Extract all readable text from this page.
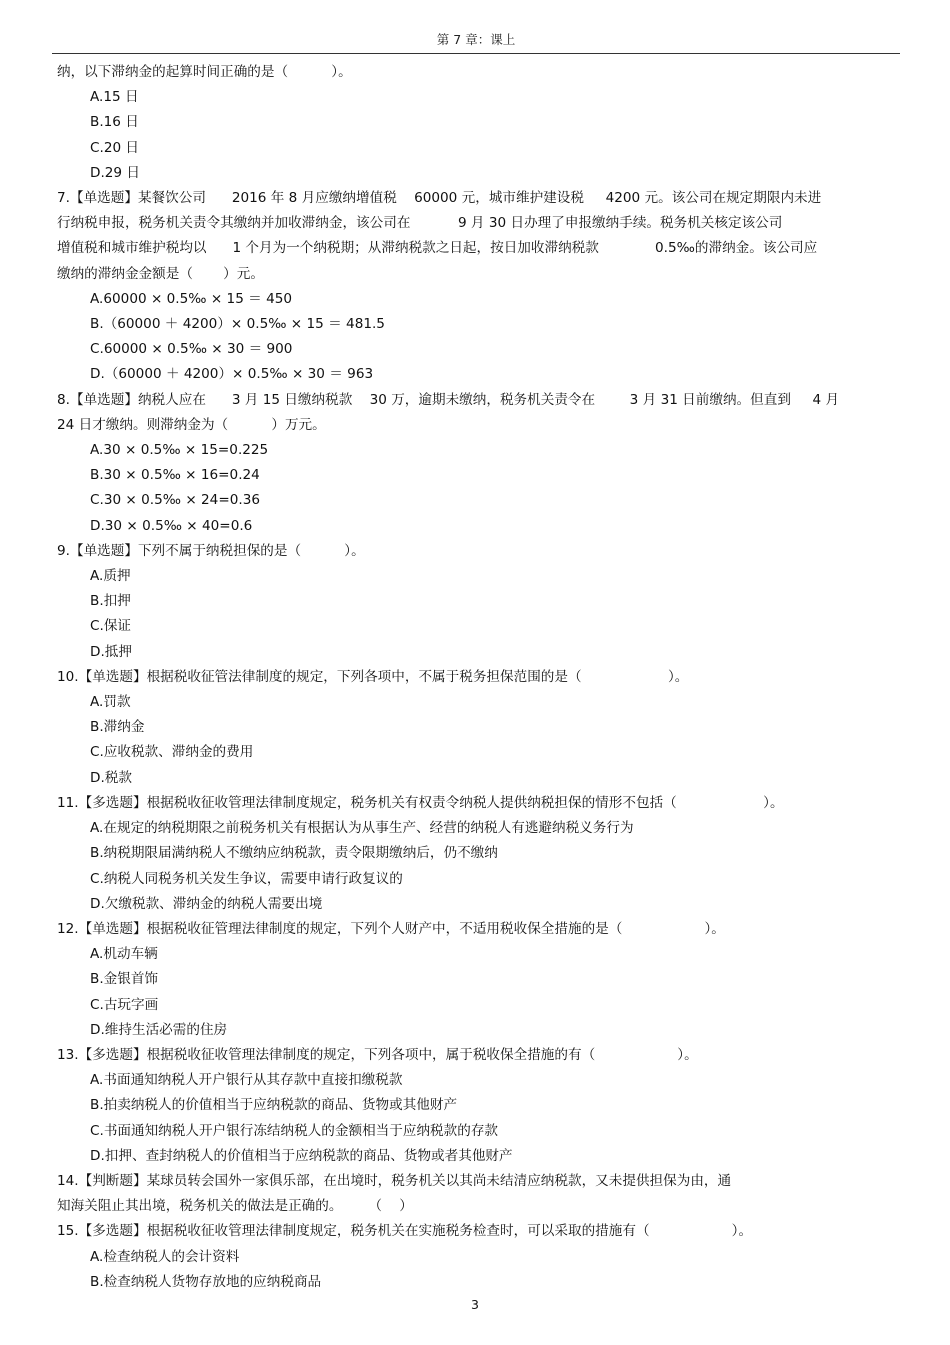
第 7 章：课上
纳，以下滞纳金的起算时间正确的是（          ）。
A.15 日
B.16 日
C.20 日
D.29 日
7.【单选题】某餐饮公司      2016 年 8 月应缴纳增值税    60000 元，城市维护建设税     4200 元。该公司在规定期限内未进
行纳税申报，税务机关责令其缴纳并加收滞纳金，该公司在           9 月 30 日办理了申报缴纳手续。税务机关核定该公司
增值税和城市维护税均以      1 个月为一个纳税期；从滞纳税款之日起，按日加收滞纳税款             0.5‰的滞纳金。该公司应
缴纳的滞纳金金额是（       ）元。
A.60000 × 0.5‰ × 15 ＝ 450
B.（60000 ＋ 4200）× 0.5‰ × 15 ＝ 481.5
C.60000 × 0.5‰ × 30 ＝ 900
D.（60000 ＋ 4200）× 0.5‰ × 30 ＝ 963
8.【单选题】纳税人应在      3 月 15 日缴纳税款    30 万，逾期未缴纳，税务机关责令在        3 月 31 日前缴纳。但直到     4 月
24 日才缴纳。则滞纳金为（          ）万元。
A.30 × 0.5‰ × 15=0.225
B.30 × 0.5‰ × 16=0.24
C.30 × 0.5‰ × 24=0.36
D.30 × 0.5‰ × 40=0.6
9.【单选题】下列不属于纳税担保的是（          ）。
A.质押
B.扣押
C.保证
D.抵押
10.【单选题】根据税收征管法律制度的规定，下列各项中，不属于税务担保范围的是（                    ）。
A.罚款
B.滞纳金
C.应收税款、滞纳金的费用
D.税款
11.【多选题】根据税收征收管理法律制度规定，税务机关有权责令纳税人提供纳税担保的情形不包括（                    ）。
A.在规定的纳税期限之前税务机关有根据认为从事生产、经营的纳税人有逃避纳税义务行为
B.纳税期限届满纳税人不缴纳应纳税款，责令限期缴纳后，仍不缴纳
C.纳税人同税务机关发生争议，需要申请行政复议的
D.欠缴税款、滞纳金的纳税人需要出境
12.【单选题】根据税收征管理法律制度的规定，下列个人财产中，不适用税收保全措施的是（                   ）。
A.机动车辆
B.金银首饰
C.古玩字画
D.维持生活必需的住房
13.【多选题】根据税收征收管理法律制度的规定，下列各项中，属于税收保全措施的有（                   ）。
A.书面通知纳税人开户银行从其存款中直接扣缴税款
B.拍卖纳税人的价值相当于应纳税款的商品、货物或其他财产
C.书面通知纳税人开户银行冻结纳税人的金额相当于应纳税款的存款
D.扣押、查封纳税人的价值相当于应纳税款的商品、货物或者其他财产
14.【判断题】某球员转会国外一家俱乐部，在出境时，税务机关以其尚未结清应纳税款，又未提供担保为由，通
知海关阻止其出境，税务机关的做法是正确的。      （    ）
15.【多选题】根据税收征收管理法律制度规定，税务机关在实施税务检查时，可以采取的措施有（                   ）。
A.检查纳税人的会计资料
B.检查纳税人货物存放地的应纳税商品
3
